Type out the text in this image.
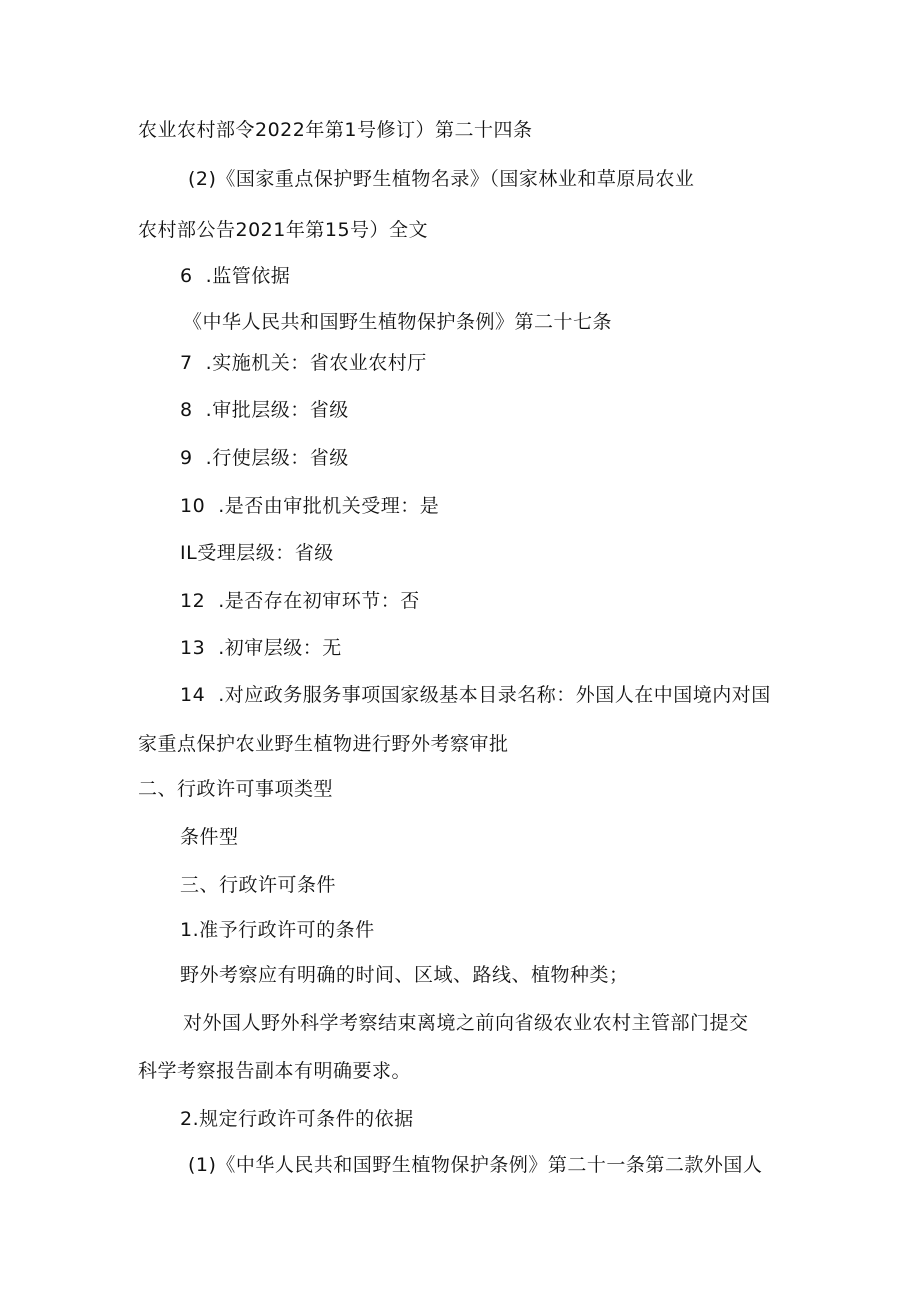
农业农村部令2022年第1号修订）第二十四条
(2)《国家重点保护野生植物名录》（国家林业和草原局农业
农村部公告2021年第15号）全文
6  .监管依据
《中华人民共和国野生植物保护条例》第二十七条
7  .实施机关：省农业农村厅
8  .审批层级：省级
9  .行使层级：省级
10  .是否由审批机关受理：是
IL受理层级：省级
12  .是否存在初审环节：否
13  .初审层级：无
14  .对应政务服务事项国家级基本目录名称：外国人在中国境内对国
家重点保护农业野生植物进行野外考察审批
二、行政许可事项类型
条件型
三、行政许可条件
1.准予行政许可的条件
野外考察应有明确的时间、区域、路线、植物种类；
对外国人野外科学考察结束离境之前向省级农业农村主管部门提交
科学考察报告副本有明确要求。
2.规定行政许可条件的依据
(1)《中华人民共和国野生植物保护条例》第二十一条第二款外国人
